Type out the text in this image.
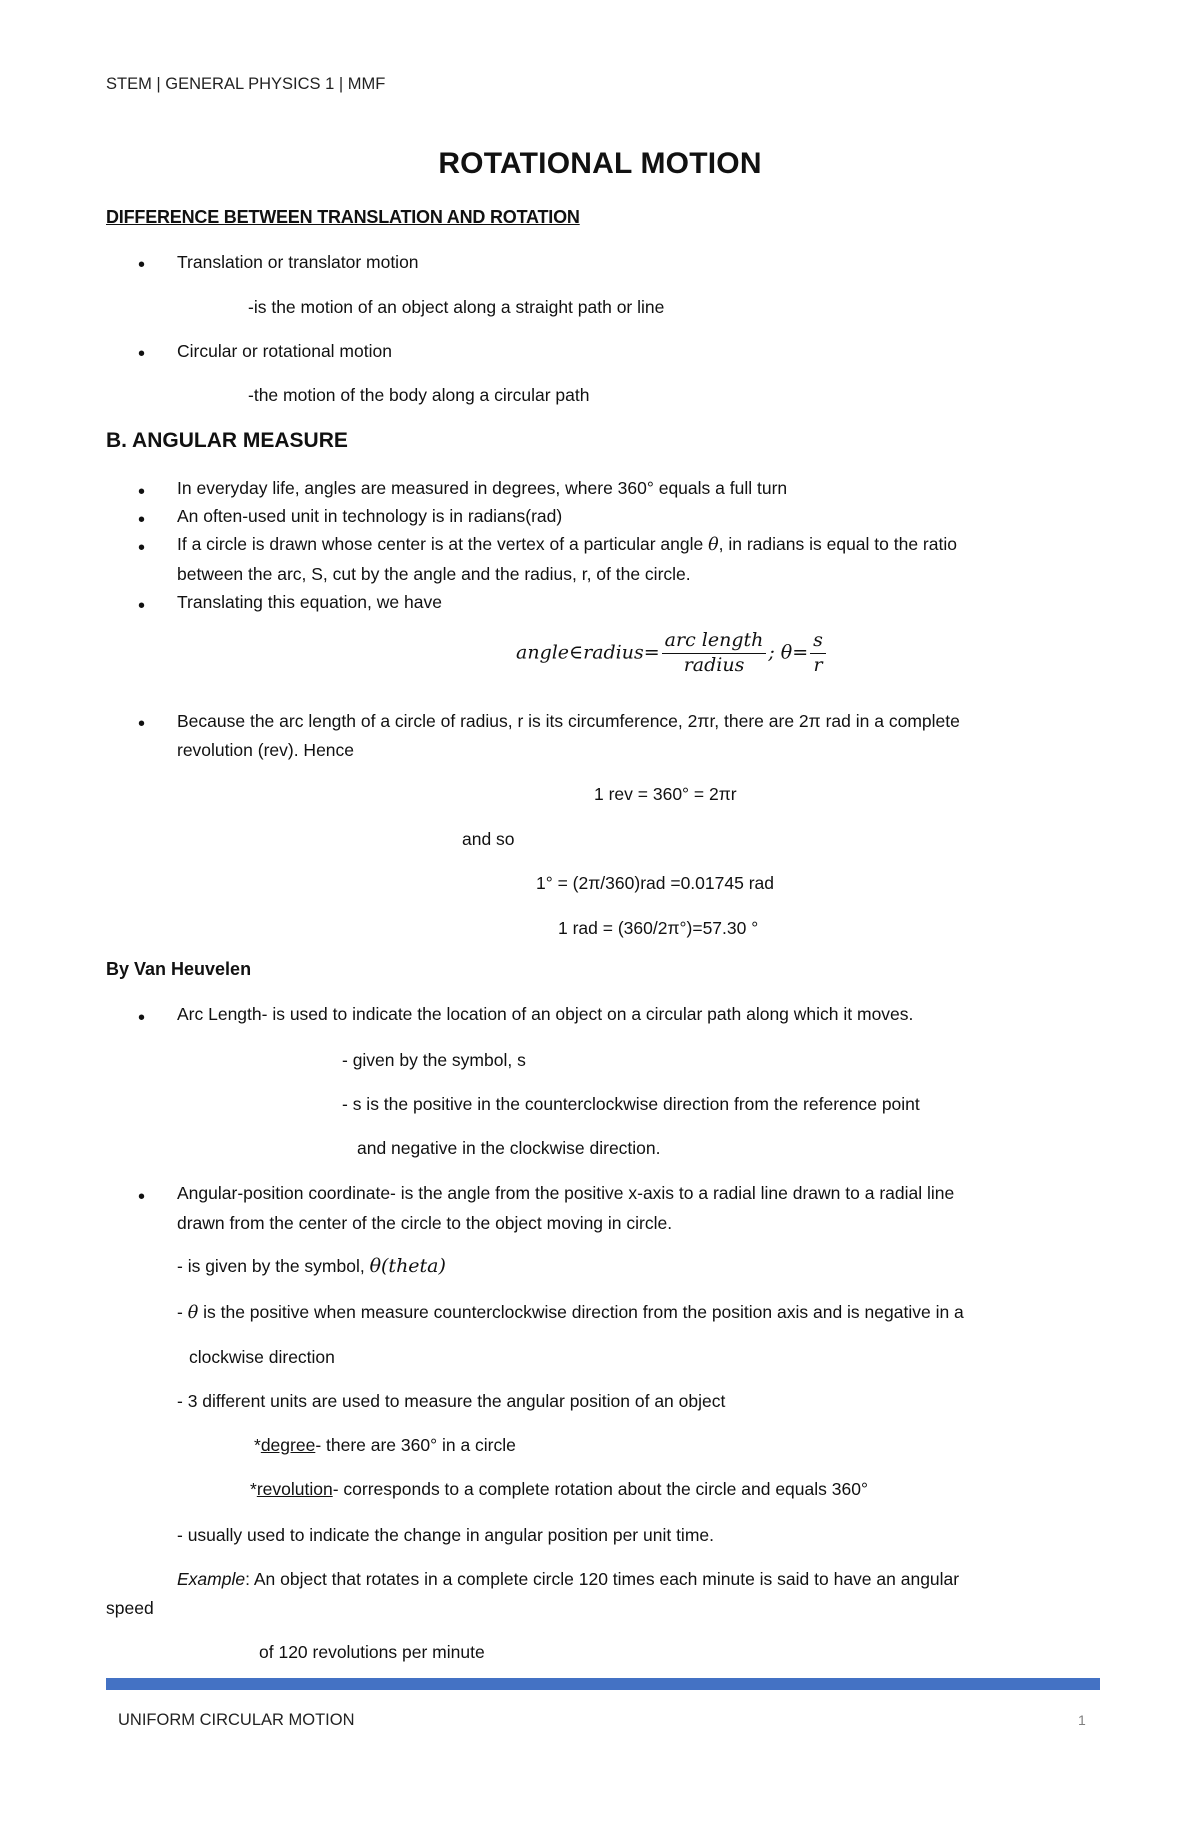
STEM | GENERAL PHYSICS 1 | MMF
ROTATIONAL MOTION
DIFFERENCE BETWEEN TRANSLATION AND ROTATION
• Translation or translator motion
-is the motion of an object along a straight path or line
• Circular or rotational motion
-the motion of the body along a circular path
B. ANGULAR MEASURE
• In everyday life, angles are measured in degrees, where 360° equals a full turn
• An often-used unit in technology is in radians(rad)
• If a circle is drawn whose center is at the vertex of a particular angle θ, in radians is equal to the ratio
between the arc, S, cut by the angle and the radius, r, of the circle.
• Translating this equation, we have
angle∈radius= $\frac{\text{arc length}}{\text{radius}}$ ; $\theta= \frac{s}{r}$
• Because the arc length of a circle of radius, r is its circumference, 2πr, there are 2π rad in a complete
revolution (rev). Hence
1 rev = 360° = 2πr
and so
1° = (2π/360)rad =0.01745 rad
1 rad = (360/2π°)=57.30 °
By Van Heuvelen
• Arc Length- is used to indicate the location of an object on a circular path along which it moves.
- given by the symbol, s
- s is the positive in the counterclockwise direction from the reference point
and negative in the clockwise direction.
• Angular-position coordinate- is the angle from the positive x-axis to a radial line drawn to a radial line
drawn from the center of the circle to the object moving in circle.
- is given by the symbol, θ(theta)
- θ is the positive when measure counterclockwise direction from the position axis and is negative in a
clockwise direction
- 3 different units are used to measure the angular position of an object
*degree- there are 360° in a circle
*revolution- corresponds to a complete rotation about the circle and equals 360°
- usually used to indicate the change in angular position per unit time.
Example: An object that rotates in a complete circle 120 times each minute is said to have an angular
speed
of 120 revolutions per minute
UNIFORM CIRCULAR MOTION	1
